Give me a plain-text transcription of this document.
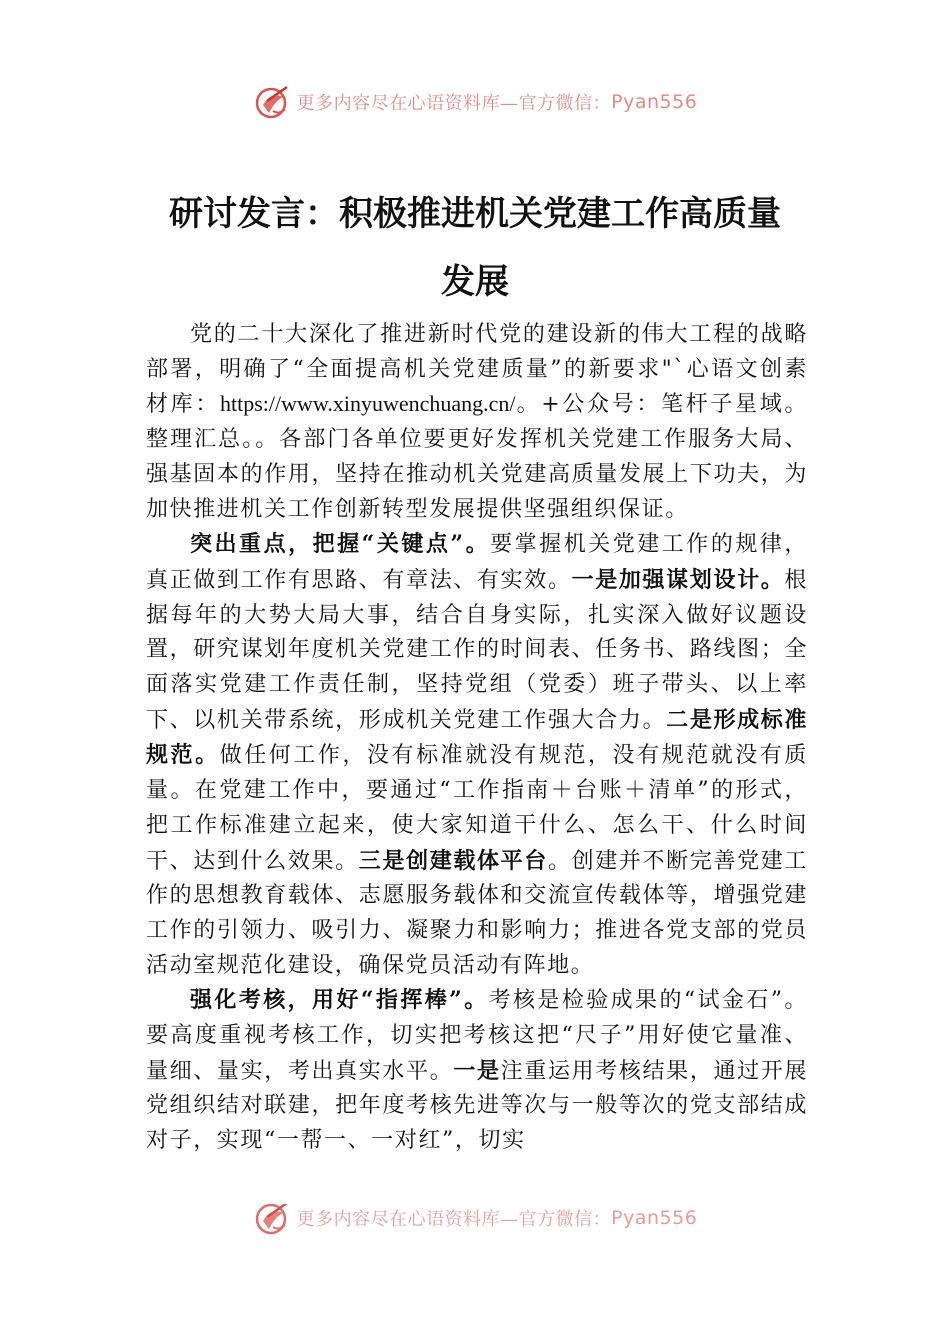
更多内容尽在心语资料库—官方微信： Pyan556
研讨发言：积极推进机关党建工作高质量
发展

党的二十大深化了推进新时代党的建设新的伟大工程的战略部署，明确了“全面提高机关党建质量”的新要求"`心语文创素材库：https://www.xinyuwenchuang.cn/。+公众号：笔杆子星域。整理汇总。。各部门各单位要更好发挥机关党建工作服务大局、强基固本的作用，坚持在推动机关党建高质量发展上下功夫，为加快推进机关工作创新转型发展提供坚强组织保证。

突出重点，把握“关键点”。要掌握机关党建工作的规律，真正做到工作有思路、有章法、有实效。一是加强谋划设计。根据每年的大势大局大事，结合自身实际，扎实深入做好议题设置，研究谋划年度机关党建工作的时间表、任务书、路线图；全面落实党建工作责任制，坚持党组（党委）班子带头、以上率下、以机关带系统，形成机关党建工作强大合力。二是形成标准规范。做任何工作，没有标准就没有规范，没有规范就没有质量。在党建工作中，要通过“工作指南＋台账＋清单”的形式，把工作标准建立起来，使大家知道干什么、怎么干、什么时间干、达到什么效果。三是创建载体平台。创建并不断完善党建工作的思想教育载体、志愿服务载体和交流宣传载体等，增强党建工作的引领力、吸引力、凝聚力和影响力；推进各党支部的党员活动室规范化建设，确保党员活动有阵地。

强化考核，用好“指挥棒”。考核是检验成果的“试金石”。要高度重视考核工作，切实把考核这把“尺子”用好使它量准、量细、量实，考出真实水平。一是注重运用考核结果，通过开展党组织结对联建，把年度考核先进等次与一般等次的党支部结成对子，实现“一帮一、一对红”，切实

更多内容尽在心语资料库—官方微信： Pyan556
